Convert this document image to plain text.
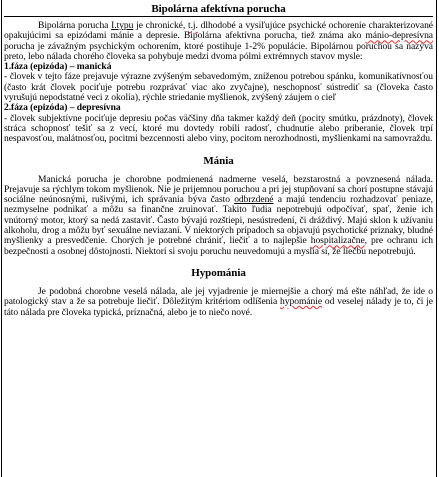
Bipolárna afektívna porucha

Bipolárna porucha I.typu je chronické, t.j. dlhodobé a vysiľujúce psychické ochorenie charakterizované opakujúcimi sa epizódami mánie a depresie. Bipolárna afektívna porucha, tiež známa ako mánio-depresívna porucha je závažným psychickým ochorením, ktoré postihuje 1-2% populácie. Bipolárnou poruchou sa nazýva preto, lebo nálada chorého človeka sa pohybuje medzi dvoma pólmi extrémnych stavov mysle:

1.fáza (epizóda) – manická

- človek v tejto fáze prejavuje výrazne zvýšeným sebavedomým, zníženou potrebou spánku, komunikatívnosťou (často krát človek pociťuje potrebu rozprávať viac ako zvyčajne), neschopnosť sústrediť sa (človeka často vyrušujú nepodstatné veci z okolia), rýchle striedanie myšlienok, zvýšený záujem o cieľ

2.fáza (epizóda) – depresívna

- človek subjektívne pociťuje depresiu počas väčšiny dňa takmer každý deň (pocity smútku, prázdnoty), človek stráca schopnosť tešiť sa z vecí, ktoré mu dovtedy robili radosť, chudnutie alebo priberanie, človek trpí nespavosťou, malátnosťou, pocitmi bezcennosti alebo viny, pocitom nerozhodnosti, myšlienkami na samovraždu.

Mánia

Manická porucha je chorobne podmienená nadmerne veselá, bezstarostná a povznesená nálada. Prejavuje sa rýchlym tokom myšlienok. Nie je prijemnou poruchou a pri jej stupňovaní sa chorí postupne stávajú sociálne neúnosnými, rušivými, ich správania býva často odbrzdené a majú tendenciu rozhadzovať peniaze, nezmyselne podnikať a môžu sa finančne zruinovať. Takito ľudia nepotrebujú odpočívať, spať, ženie ich vnútorný motor, ktorý sa nedá zastaviť. Často bývajú rozštiepi, nesústredení, či dráždivý. Majú sklon k užívaniu alkoholu, drog a môžu byť sexuálne neviazaní. V niektorých prípadoch sa objavujú psychotické príznaky, bludné myšlienky a presvedčenie. Chorých je potrebné chrániť, liečiť a to najlepšie hospitalizačne, pre ochranu ich bezpečnosti a osobnej dôstojnosti. Niektorí si svoju poruchu neuvedomujú a myslia si, že liečbu nepotrebujú.

Hypománia

Je podobná chorobne veselá nálada, ale jej vyjadrenie je miernejšie a chorý má ešte náhľad, že ide o patologický stav a že sa potrebuje liečiť. Dôležitým kritériom odlíšenia hypománie od veselej nálady je to, či je táto nálada pre človeka typická, príznačná, alebo je to niečo nové.
